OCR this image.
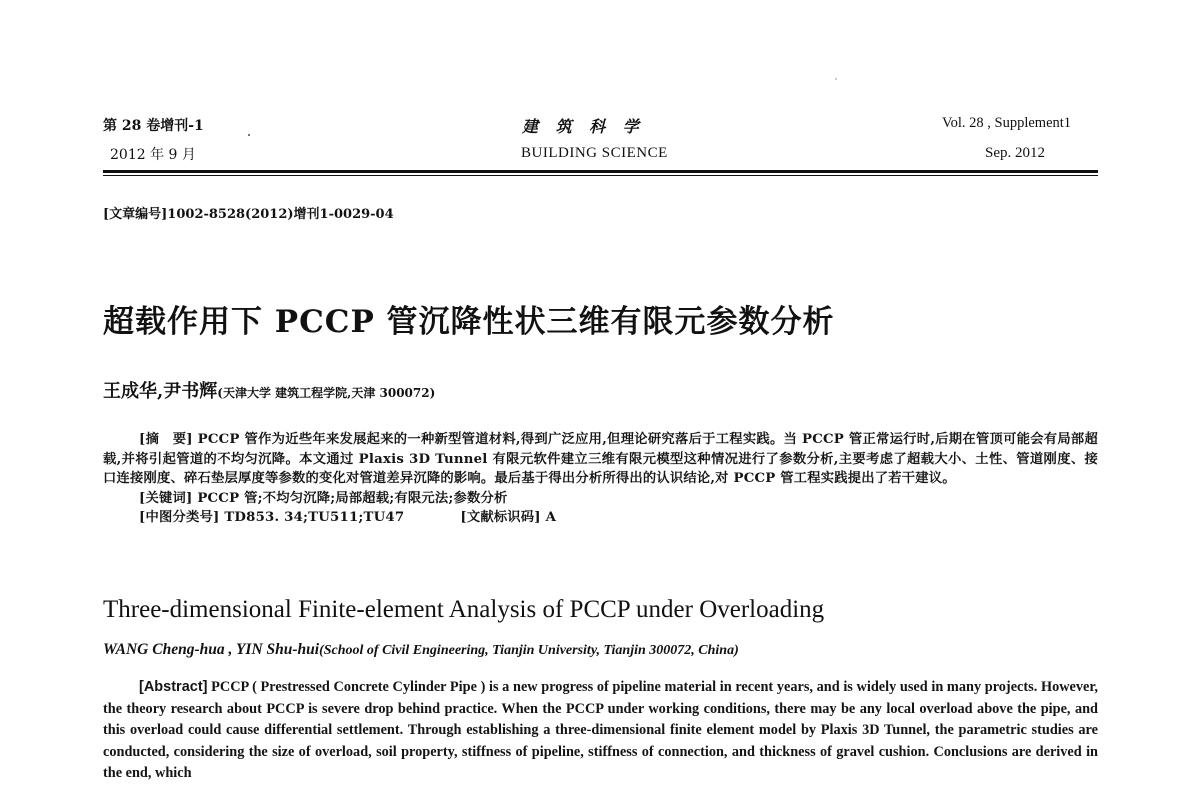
第 28 卷增刊-1
2012 年 9 月
建 筑 科 学
BUILDING SCIENCE
Vol. 28 , Supplement1
Sep. 2012
[文章编号]1002-8528(2012)增刊1-0029-04
超载作用下 PCCP 管沉降性状三维有限元参数分析
王成华,尹书辉(天津大学 建筑工程学院,天津 300072)

[摘　要] PCCP 管作为近些年来发展起来的一种新型管道材料,得到广泛应用,但理论研究落后于工程实践。当 PCCP 管正常运行时,后期在管顶可能会有局部超载,并将引起管道的不均匀沉降。本文通过 Plaxis 3D Tunnel 有限元软件建立三维有限元模型这种情况进行了参数分析,主要考虑了超载大小、土性、管道刚度、接口连接刚度、碎石垫层厚度等参数的变化对管道差异沉降的影响。最后基于得出分析所得出的认识结论,对 PCCP 管工程实践提出了若干建议。

[关键词] PCCP 管;不均匀沉降;局部超载;有限元法;参数分析
[中图分类号] TD853. 34;TU511;TU47	[文献标识码] A
Three-dimensional Finite-element Analysis of PCCP under Overloading
WANG Cheng-hua , YIN Shu-hui(School of Civil Engineering, Tianjin University, Tianjin 300072, China)
[Abstract] PCCP ( Prestressed Concrete Cylinder Pipe ) is a new progress of pipeline material in recent years, and is widely used in many projects. However, the theory research about PCCP is severe drop behind practice. When the PCCP under working conditions, there may be any local overload above the pipe, and this overload could cause differential settlement. Through establishing a three-dimensional finite element model by Plaxis 3D Tunnel, the parametric studies are conducted, considering the size of overload, soil property, stiffness of pipeline, stiffness of connection, and thickness of gravel cushion. Conclusions are derived in the end, which
